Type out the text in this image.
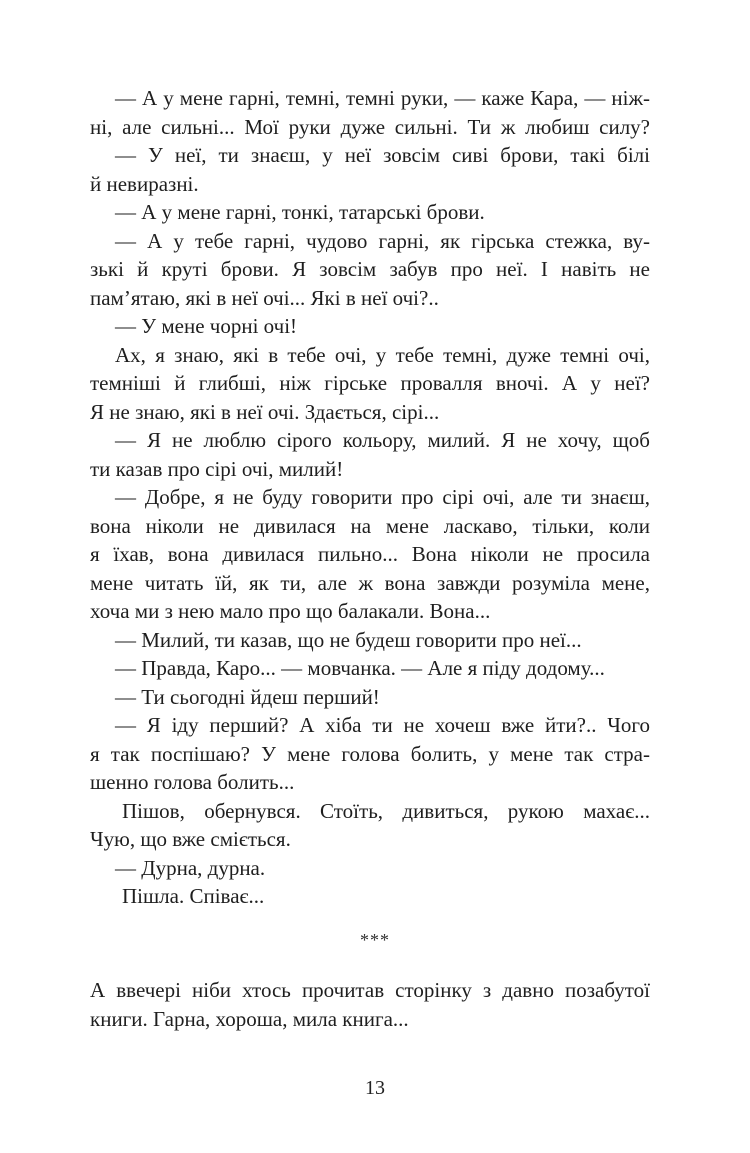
— А у мене гарні, темні, темні руки, — каже Кара, — ніж-
ні, але сильні... Мої руки дуже сильні. Ти ж любиш силу?
— У неї, ти знаєш, у неї зовсім сиві брови, такі білі
й невиразні.
— А у мене гарні, тонкі, татарські брови.
— А у тебе гарні, чудово гарні, як гірська стежка, ву-
зькі й круті брови. Я зовсім забув про неї. І навіть не
пам’ятаю, які в неї очі... Які в неї очі?..
— У мене чорні очі!
Ах, я знаю, які в тебе очі, у тебе темні, дуже темні очі,
темніші й глибші, ніж гірське провалля вночі. А у неї?
Я не знаю, які в неї очі. Здається, сірі...
— Я не люблю сірого кольору, милий. Я не хочу, щоб
ти казав про сірі очі, милий!
— Добре, я не буду говорити про сірі очі, але ти знаєш,
вона ніколи не дивилася на мене ласкаво, тільки, коли
я їхав, вона дивилася пильно... Вона ніколи не просила
мене читать їй, як ти, але ж вона завжди розуміла мене,
хоча ми з нею мало про що балакали. Вона...
— Милий, ти казав, що не будеш говорити про неї...
— Правда, Каро... — мовчанка. — Але я піду додому...
— Ти сьогодні йдеш перший!
— Я іду перший? А хіба ти не хочеш вже йти?.. Чого
я так поспішаю? У мене голова болить, у мене так стра-
шенно голова болить...
Пішов, обернувся. Стоїть, дивиться, рукою махає...
Чую, що вже сміється.
— Дурна, дурна.
Пішла. Співає...
***
А ввечері ніби хтось прочитав сторінку з давно позабутої
книги. Гарна, хороша, мила книга...
13
